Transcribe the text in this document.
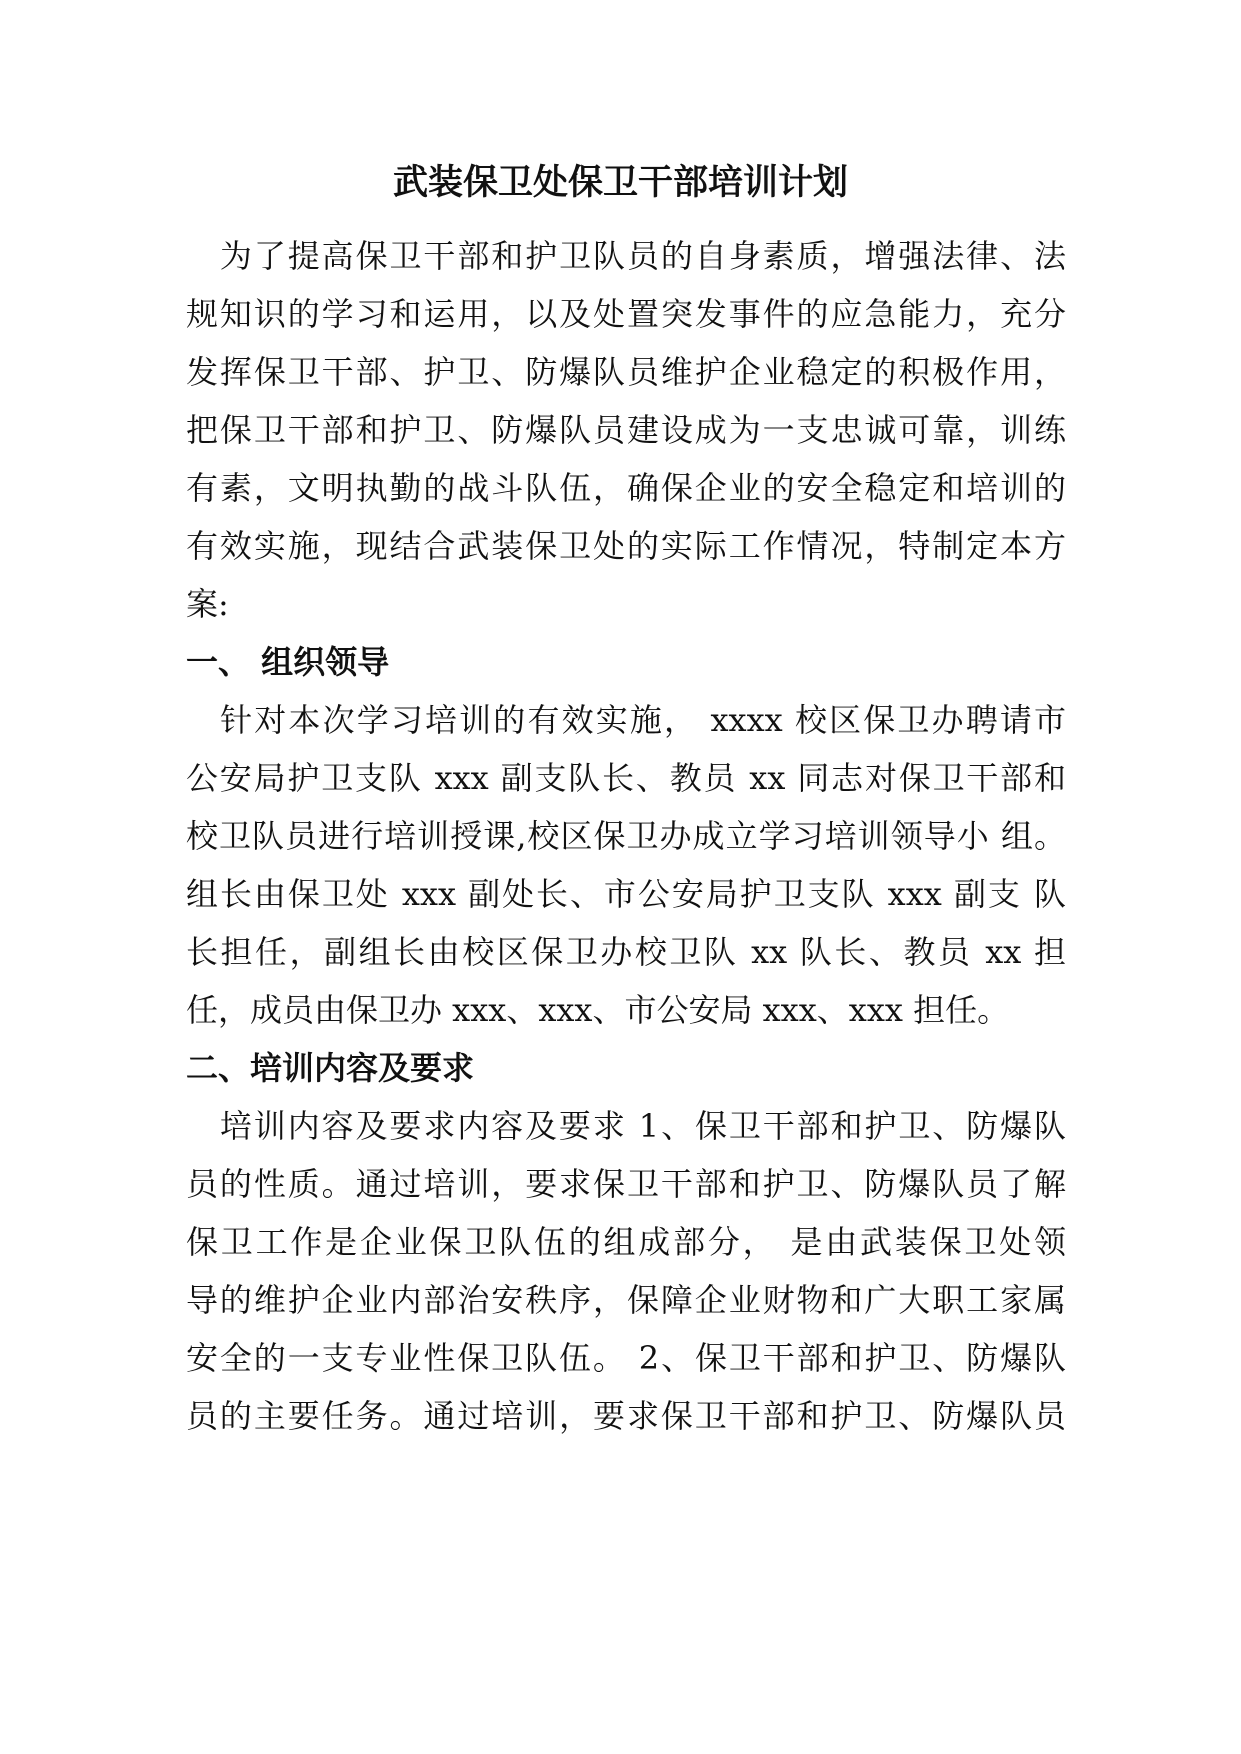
武装保卫处保卫干部培训计划

　为了提高保卫干部和护卫队员的自身素质，增强法律、法

规知识的学习和运用，以及处置突发事件的应急能力，充分

发挥保卫干部、护卫、防爆队员维护企业稳定的积极作用，

把保卫干部和护卫、防爆队员建设成为一支忠诚可靠，训练

有素，文明执勤的战斗队伍，确保企业的安全稳定和培训的

有效实施，现结合武装保卫处的实际工作情况，特制定本方

案:

一、 组织领导

　针对本次学习培训的有效实施， xxxx 校区保卫办聘请市

公安局护卫支队 xxx 副支队长、教员 xx 同志对保卫干部和

校卫队员进行培训授课,校区保卫办成立学习培训领导小 组。

组长由保卫处 xxx 副处长、市公安局护卫支队 xxx 副支 队

长担任，副组长由校区保卫办校卫队 xx 队长、教员 xx 担

任，成员由保卫办 xxx、xxx、市公安局 xxx、xxx 担任。

二、培训内容及要求

　培训内容及要求内容及要求 1、保卫干部和护卫、防爆队

员的性质。通过培训，要求保卫干部和护卫、防爆队员了解

保卫工作是企业保卫队伍的组成部分， 是由武装保卫处领

导的维护企业内部治安秩序，保障企业财物和广大职工家属

安全的一支专业性保卫队伍。 2、保卫干部和护卫、防爆队

员的主要任务。通过培训，要求保卫干部和护卫、防爆队员
